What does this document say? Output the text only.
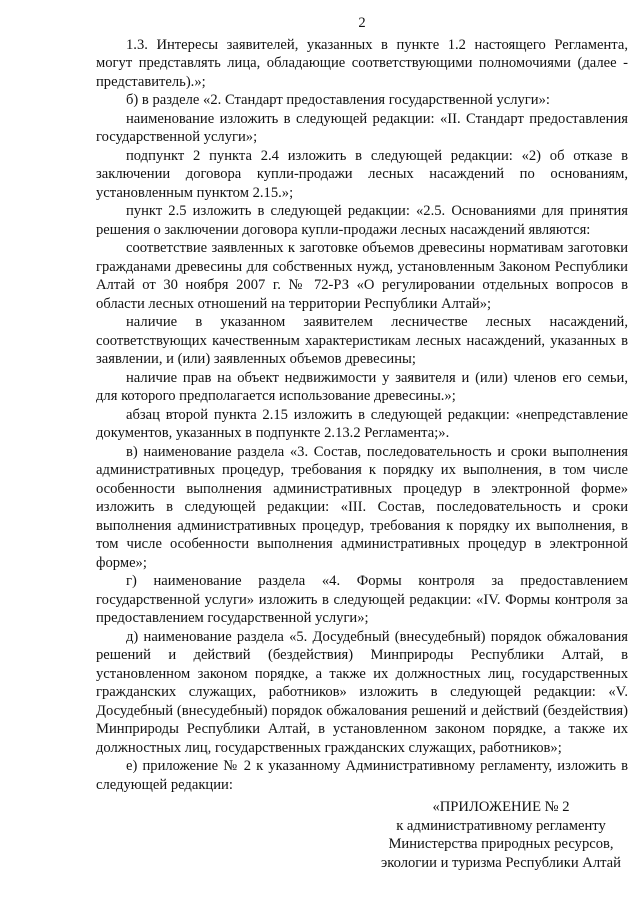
2

1.3. Интересы заявителей, указанных в пункте 1.2 настоящего Регламента, могут представлять лица, обладающие соответствующими полномочиями (далее - представитель).»;

б) в разделе «2. Стандарт предоставления государственной услуги»:

наименование изложить в следующей редакции: «II. Стандарт предоставления государственной услуги»;

подпункт 2 пункта 2.4 изложить в следующей редакции: «2) об отказе в заключении договора купли-продажи лесных насаждений по основаниям, установленным пунктом 2.15.»;

пункт 2.5 изложить в следующей редакции: «2.5. Основаниями для принятия решения о заключении договора купли-продажи лесных насаждений являются:

соответствие заявленных к заготовке объемов древесины нормативам заготовки гражданами древесины для собственных нужд, установленным Законом Республики Алтай от 30 ноября 2007 г. № 72-РЗ «О регулировании отдельных вопросов в области лесных отношений на территории Республики Алтай»;

наличие в указанном заявителем лесничестве лесных насаждений, соответствующих качественным характеристикам лесных насаждений, указанных в заявлении, и (или) заявленных объемов древесины;

наличие прав на объект недвижимости у заявителя и (или) членов его семьи, для которого предполагается использование древесины.»;

абзац второй пункта 2.15 изложить в следующей редакции: «непредставление документов, указанных в подпункте 2.13.2 Регламента;».

в) наименование раздела «3. Состав, последовательность и сроки выполнения административных процедур, требования к порядку их выполнения, в том числе особенности выполнения административных процедур в электронной форме» изложить в следующей редакции: «III. Состав, последовательность и сроки выполнения административных процедур, требования к порядку их выполнения, в том числе особенности выполнения административных процедур в электронной форме»;

г) наименование раздела «4. Формы контроля за предоставлением государственной услуги» изложить в следующей редакции: «IV. Формы контроля за предоставлением государственной услуги»;

д) наименование раздела «5. Досудебный (внесудебный) порядок обжалования решений и действий (бездействия) Минприроды Республики Алтай, в установленном законом порядке, а также их должностных лиц, государственных гражданских служащих, работников» изложить в следующей редакции: «V. Досудебный (внесудебный) порядок обжалования решений и действий (бездействия) Минприроды Республики Алтай, в установленном законом порядке, а также их должностных лиц, государственных гражданских служащих, работников»;

е) приложение № 2 к указанному Административному регламенту, изложить в следующей редакции:

«ПРИЛОЖЕНИЕ № 2
к административному регламенту
Министерства природных ресурсов,
экологии и туризма Республики Алтай
